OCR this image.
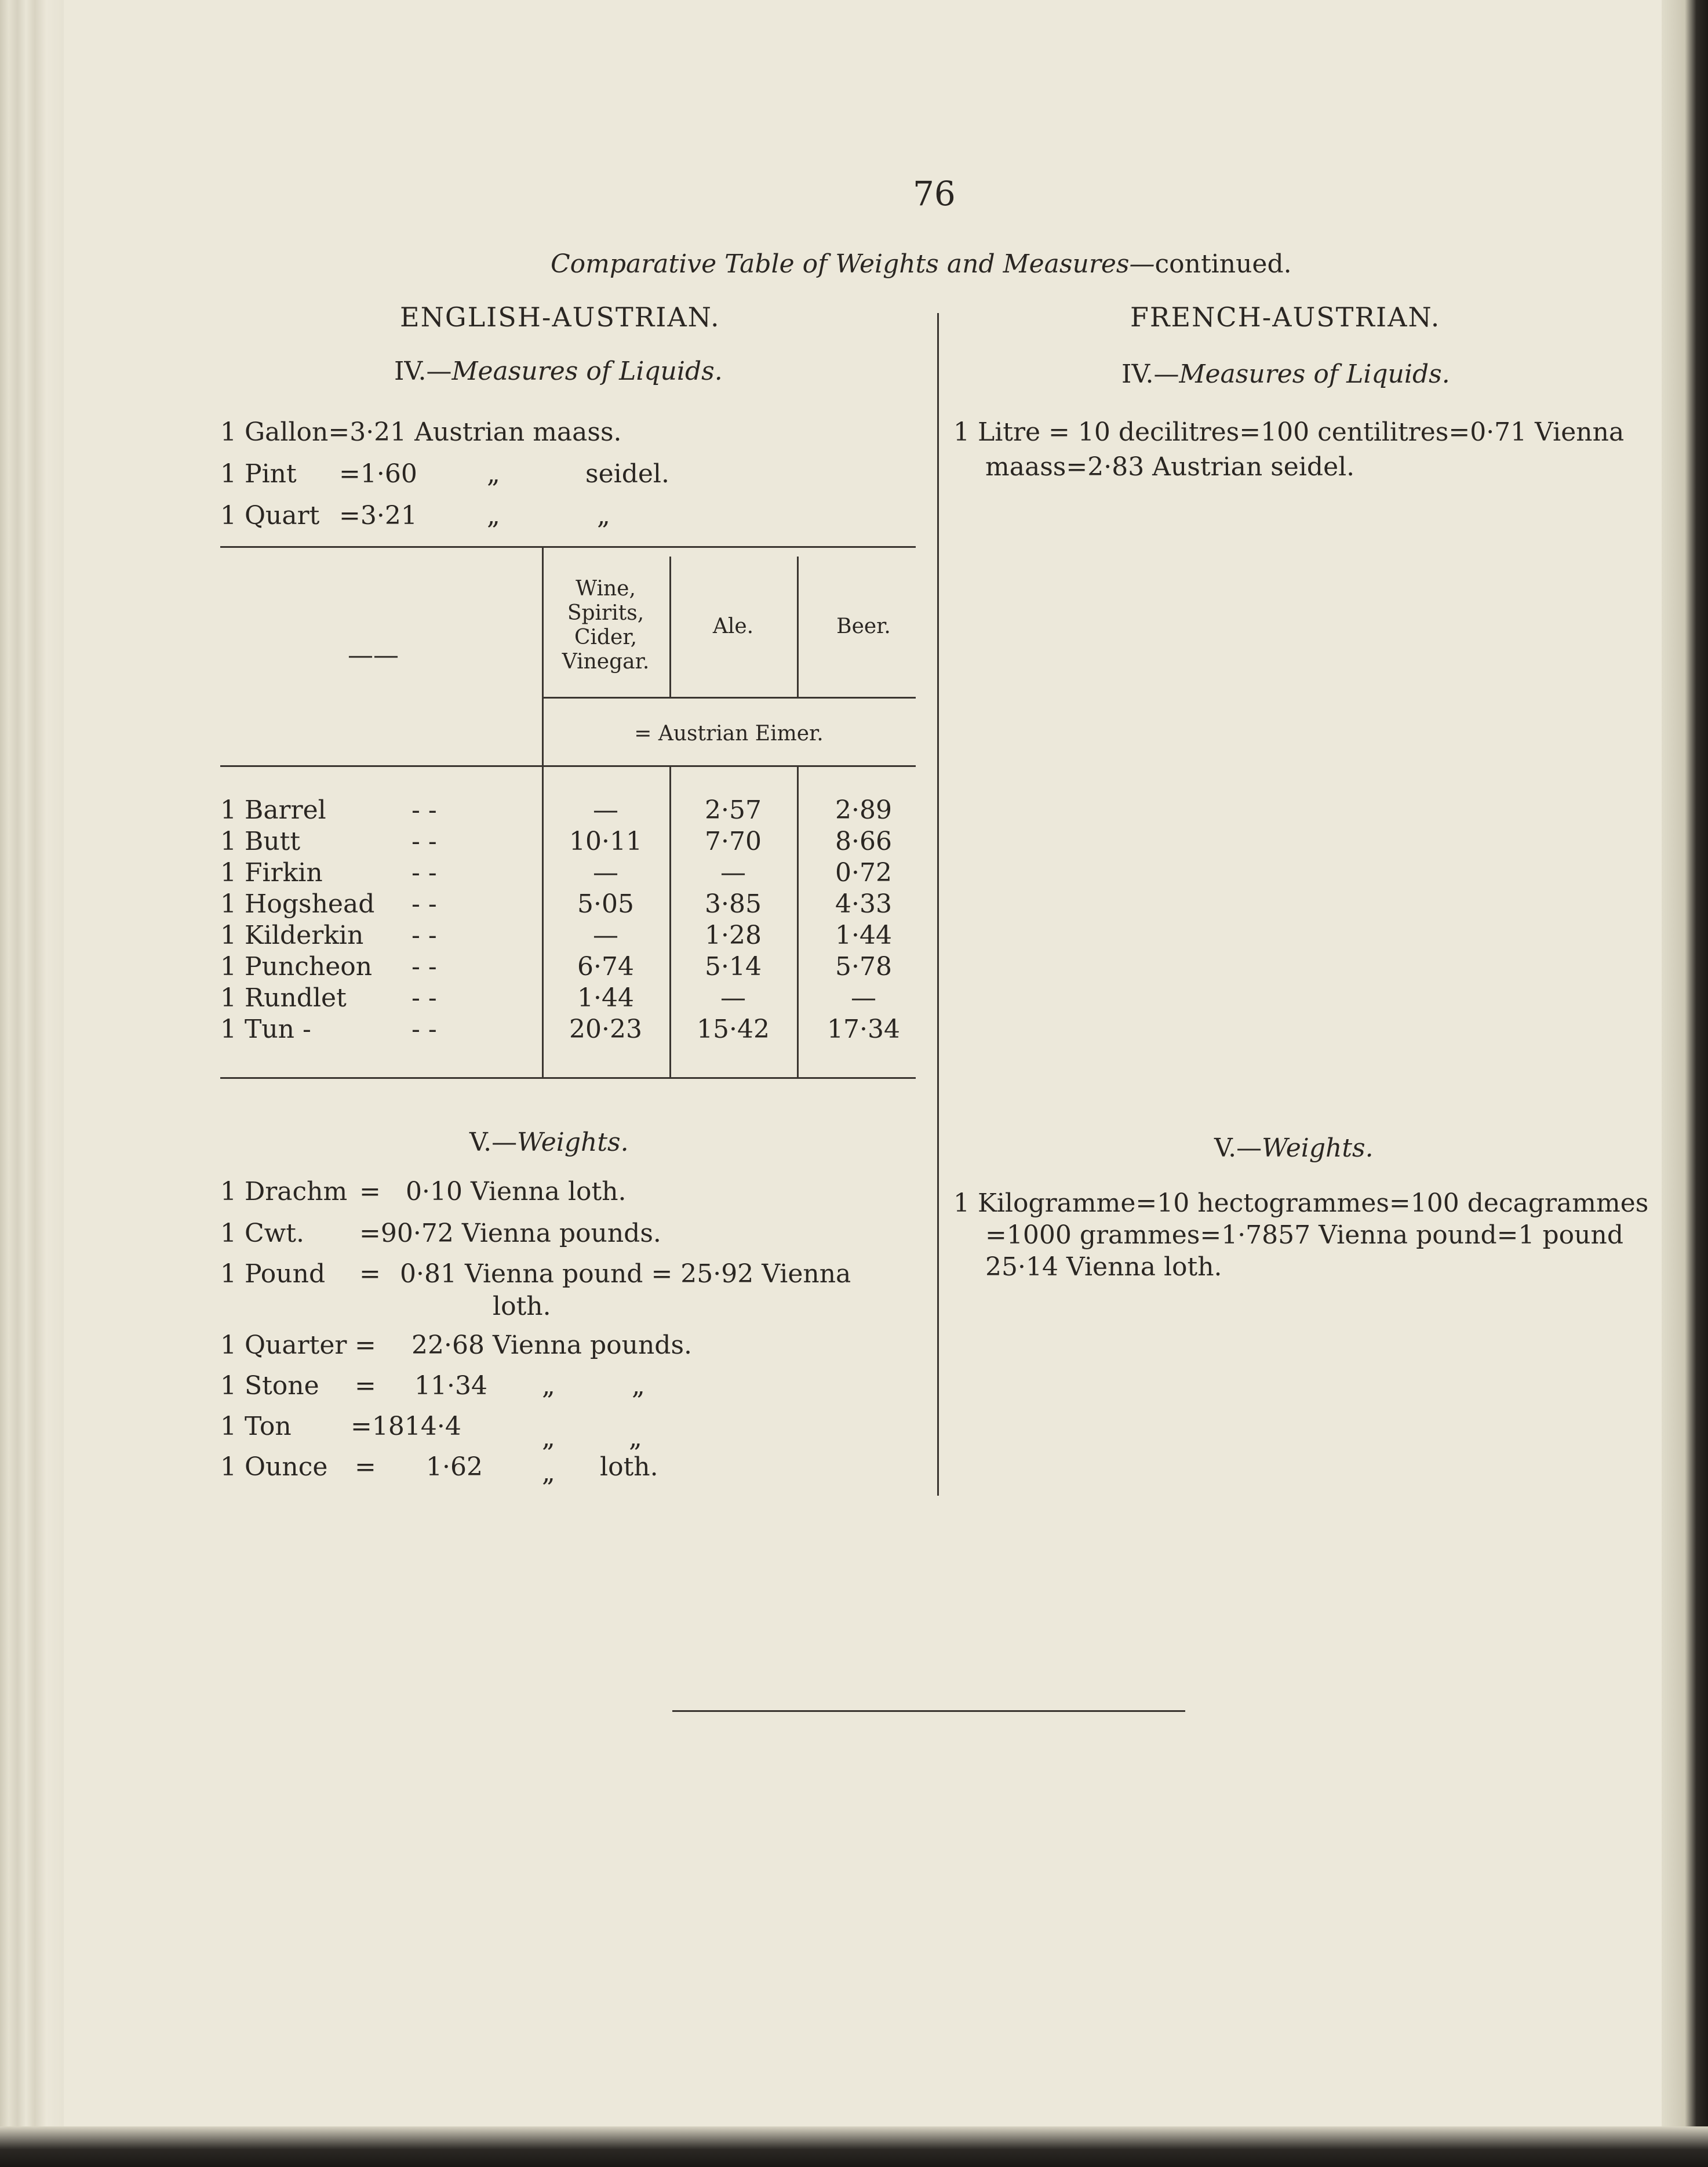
76
Comparative Table of Weights and Measures—continued.
ENGLISH-AUSTRIAN.
IV.—Measures of Liquids.
1 Gallon=3·21 Austrian maass.
1 Pint =1·60	„	seidel.
1 Quart =3·21	„	„
——
Wine,
Spirits,
Cider,
Vinegar.
Ale.	Beer.
= Austrian Eimer.
1 Barrel	- -	—	2·57	2·89
1 Butt	- -	10·11	7·70	8·66
1 Firkin	- -	—	—	0·72
1 Hogshead - -	5·05	3·85	4·33
1 Kilderkin - -	—	1·28	1·44
1 Puncheon - -	6·74	5·14	5·78
1 Rundlet	- -	1·44	—	—
1 Tun -	- -	20·23	15·42	17·34
V.—Weights.
1 Drachm = 0·10 Vienna loth.
1 Cwt. =90·72 Vienna pounds.
1 Pound = 0·81 Vienna pound = 25·92 Vienna
loth.
1 Quarter = 22·68 Vienna pounds.
1 Stone = 11·34 „	„
1 Ton =1814·4	„	„
1 Ounce = 1·62 „ loth.
FRENCH-AUSTRIAN.
IV.—Measures of Liquids.
1 Litre = 10 decilitres=100 centilitres=0·71 Vienna
maass=2·83 Austrian seidel.
V.—Weights.
1 Kilogramme=10 hectogrammes=100 decagrammes
=1000 grammes=1·7857 Vienna pound=1 pound
25·14 Vienna loth.
